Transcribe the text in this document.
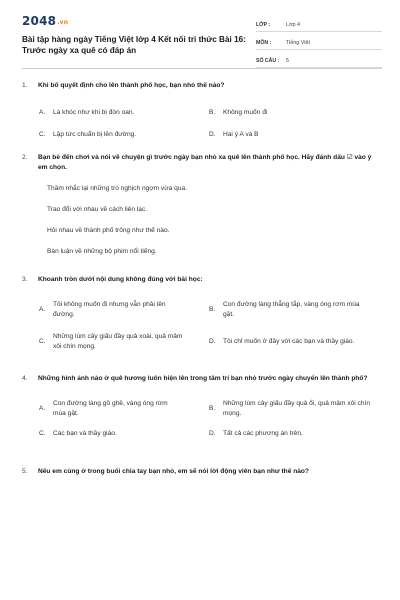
2048.vn
Bài tập hàng ngày Tiếng Việt lớp 4 Kết nối tri thức Bài 16: Trước ngày xa quê có đáp án
LỚP :	Lớp 4
MÔN :	Tiếng Việt
SỐ CÂU :	5
1.	Khi bố quyết định cho lên thành phố học, bạn nhỏ thế nào?
A.	Là khóc như khi bị đòn oan.	B.	Không muốn đi
C.	Lập tức chuẩn bị lên đường.	D.	Hai ý A và B
2.	Bạn bè đến chơi và nói về chuyện gì trước ngày bạn nhỏ xa quê lên thành phố học. Hãy đánh dấu ☑ vào ý em chọn.
Thầm nhắc lại những trò nghịch ngợm vừa qua.
Trao đổi với nhau về cách liên lạc.
Hỏi nhau về thành phố trông như thế nào.
Bàn luận về những bộ phim nổi tiếng.
3.	Khoanh tròn dưới nội dung không đúng với bài học:
A.
Tôi không muốn đi nhưng vẫn phải lên đường.
B.
Con đường làng thẳng tắp, vàng óng rơm mùa gặt.
C.
Những lùm cây giấu đầy quả xoài, quả mâm xôi chín mọng.
D.	Tôi chỉ muốn ở đây với các bạn và thầy giáo.
4.	Những hình ảnh nào ở quê hương luôn hiện lên trong tâm trí bạn nhỏ trước ngày chuyển lên thành phố?
A.
Con đường làng gồ ghề, vàng óng rơm mùa gặt.
B.
Những lùm cây giấu đầy quả ổi, quả mâm xôi chín mọng.
C.	Các bạn và thầy giáo.	D.	Tất cả các phương án trên.
5.	Nếu em cùng ở trong buổi chia tay bạn nhỏ, em sẽ nói lời động viên bạn như thế nào?
